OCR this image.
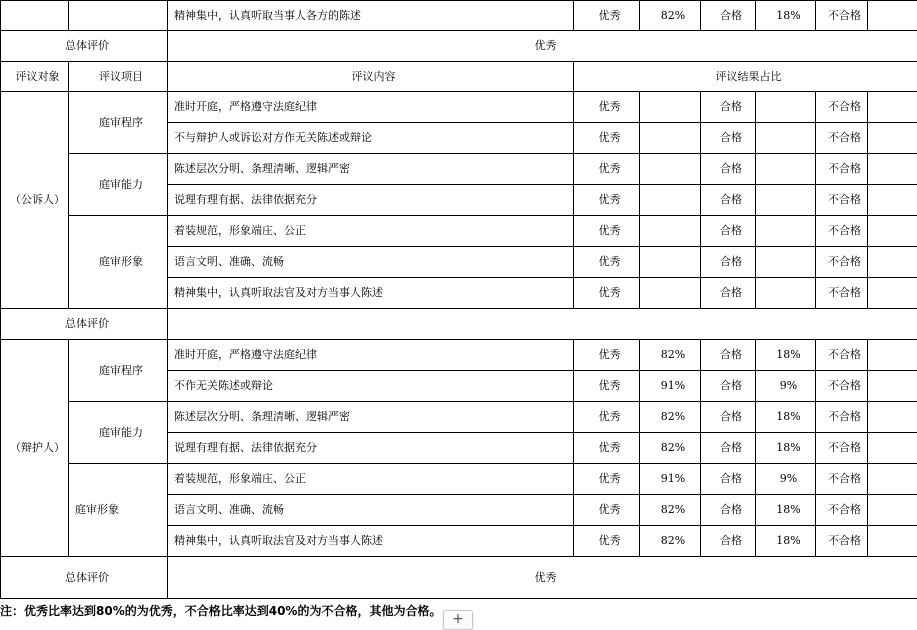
		精神集中，认真听取当事人各方的陈述	优秀	82%	合格	18%	不合格	
总体评价		优秀						
评议对象	评议项目	评议内容	评议结果占比					
（公诉人）	庭审程序	准时开庭，严格遵守法庭纪律	优秀		合格		不合格	
		不与辩护人或诉讼对方作无关陈述或辩论	优秀		合格		不合格	
	庭审能力	陈述层次分明、条理清晰、逻辑严密	优秀		合格		不合格	
		说理有理有据、法律依据充分	优秀		合格		不合格	
	庭审形象	着装规范，形象端庄、公正	优秀		合格		不合格	
		语言文明、准确、流畅	优秀		合格		不合格	
		精神集中，认真听取法官及对方当事人陈述	优秀		合格		不合格	
总体评价								
（辩护人）	庭审程序	准时开庭，严格遵守法庭纪律	优秀	82%	合格	18%	不合格	
		不作无关陈述或辩论	优秀	91%	合格	9%	不合格	
	庭审能力	陈述层次分明、条理清晰、逻辑严密	优秀	82%	合格	18%	不合格	
		说理有理有据、法律依据充分	优秀	82%	合格	18%	不合格	
	庭审形象	着装规范，形象端庄、公正	优秀	91%	合格	9%	不合格	
		语言文明、准确、流畅	优秀	82%	合格	18%	不合格	
		精神集中，认真听取法官及对方当事人陈述	优秀	82%	合格	18%	不合格	
总体评价		优秀						
注：优秀比率达到80%的为优秀，不合格比率达到40%的为不合格，其他为合格。 +
